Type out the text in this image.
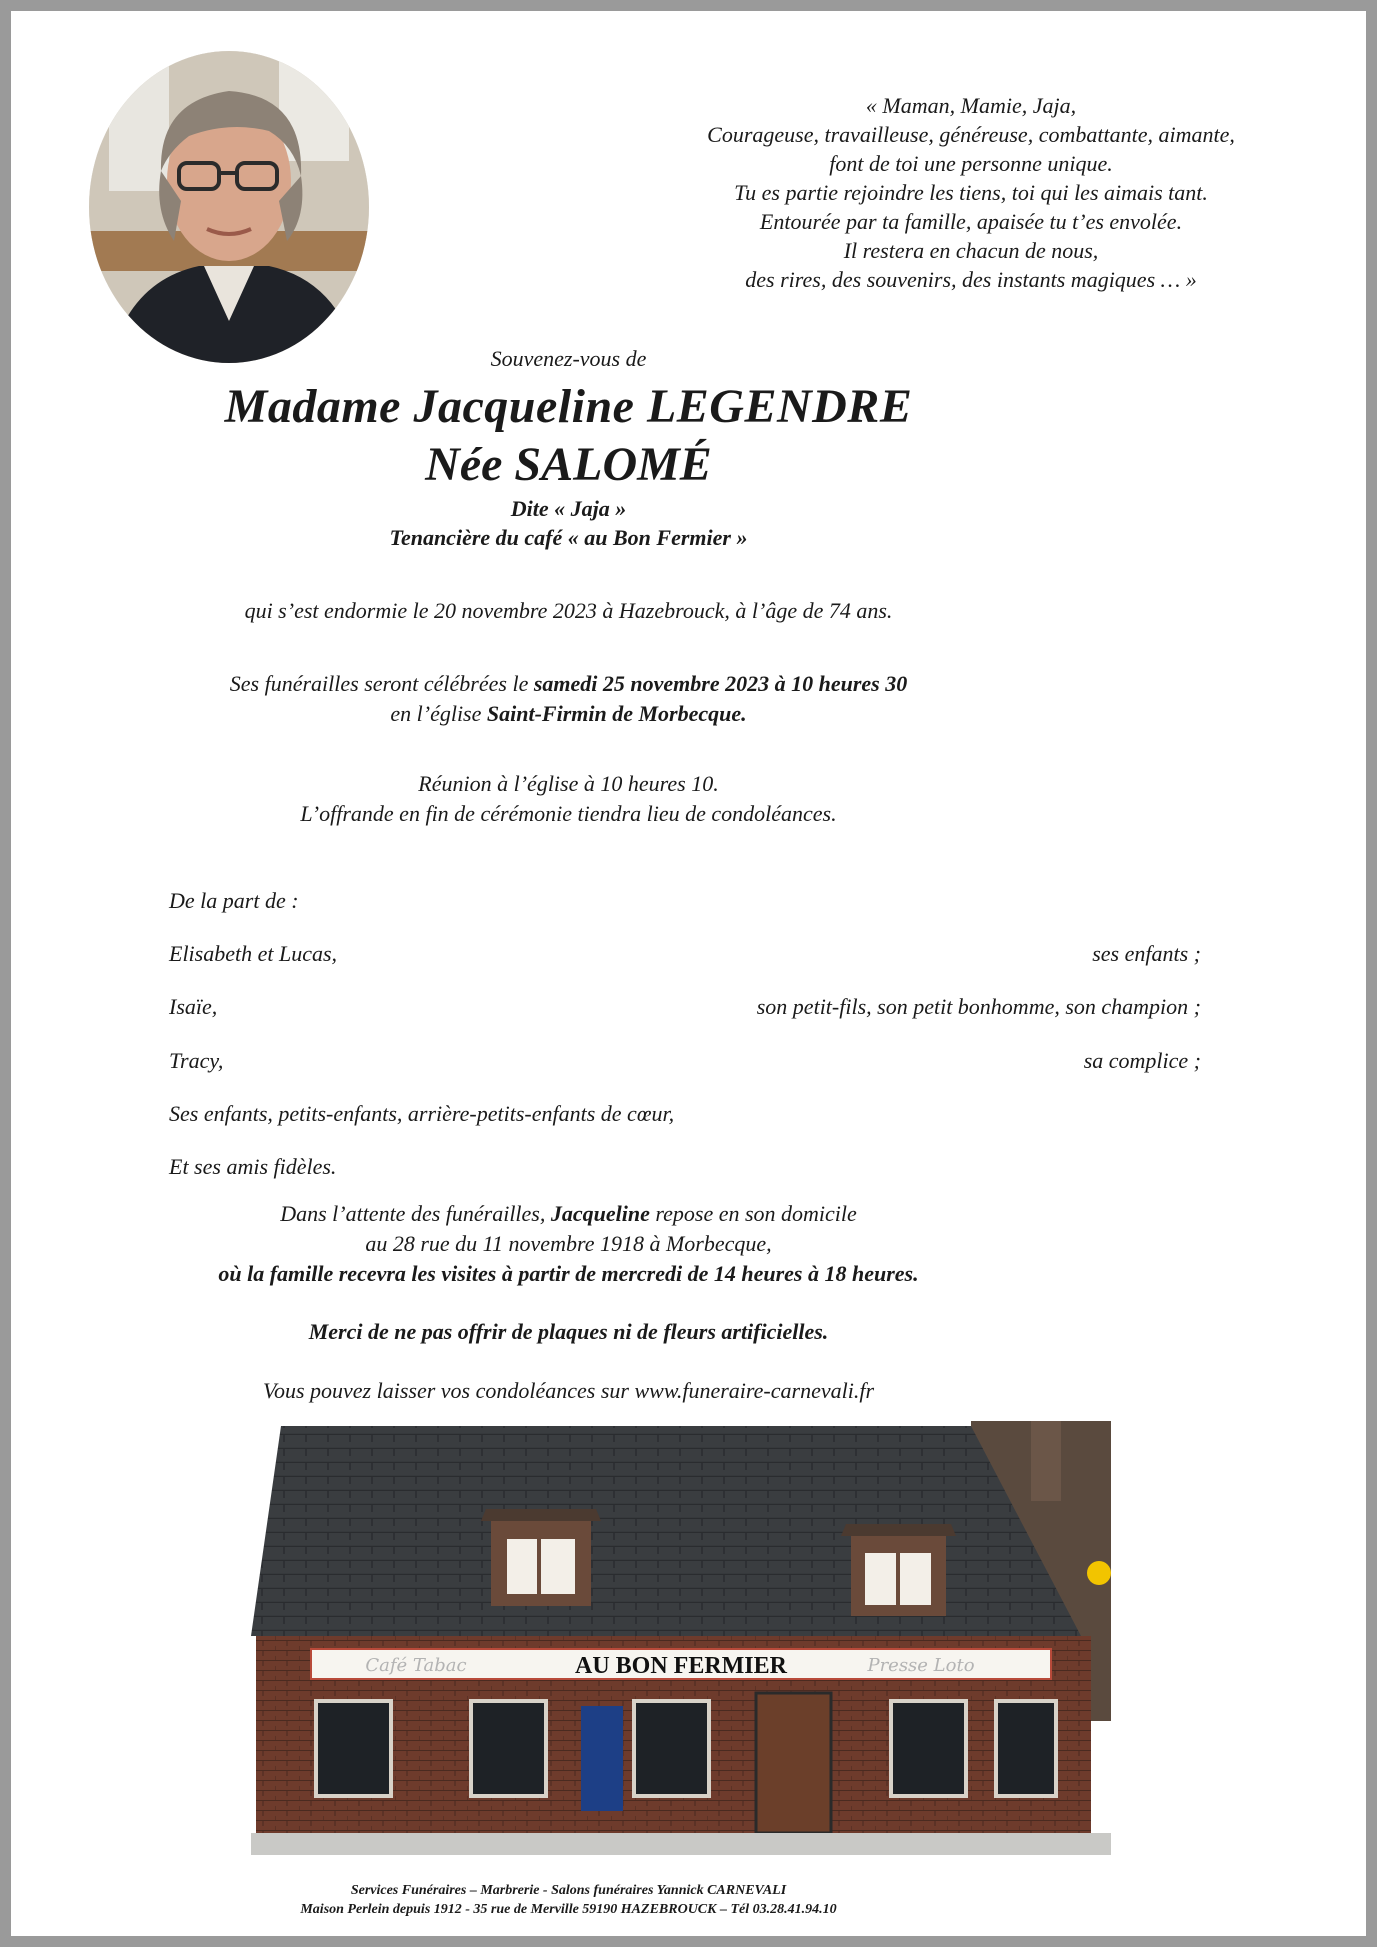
« Maman, Mamie, Jaja,
Courageuse, travailleuse, généreuse, combattante, aimante,
font de toi une personne unique.
Tu es partie rejoindre les tiens, toi qui les aimais tant.
Entourée par ta famille, apaisée tu t’es envolée.
Il restera en chacun de nous,
des rires, des souvenirs, des instants magiques … »
Souvenez-vous de
Madame Jacqueline LEGENDRE
Née SALOMÉ
Dite « Jaja »
Tenancière du café « au Bon Fermier »
qui s’est endormie le 20 novembre 2023 à Hazebrouck, à l’âge de 74 ans.
Ses funérailles seront célébrées le samedi 25 novembre 2023 à 10 heures 30
en l’église Saint-Firmin de Morbecque.
Réunion à l’église à 10 heures 10.
L’offrande en fin de cérémonie tiendra lieu de condoléances.
De la part de :
Elisabeth et Lucas,	ses enfants ;
Isaïe,	son petit-fils, son petit bonhomme, son champion ;
Tracy,	sa complice ;
Ses enfants, petits-enfants, arrière-petits-enfants de cœur,
Et ses amis fidèles.
Dans l’attente des funérailles, Jacqueline repose en son domicile
au 28 rue du 11 novembre 1918 à Morbecque,
où la famille recevra les visites à partir de mercredi de 14 heures à 18 heures.
Merci de ne pas offrir de plaques ni de fleurs artificielles.
Vous pouvez laisser vos condoléances sur www.funeraire-carnevali.fr
Café Tabac	AU BON FERMIER	Presse Loto
Services Funéraires – Marbrerie - Salons funéraires Yannick CARNEVALI
Maison Perlein depuis 1912 - 35 rue de Merville 59190 HAZEBROUCK – Tél 03.28.41.94.10
